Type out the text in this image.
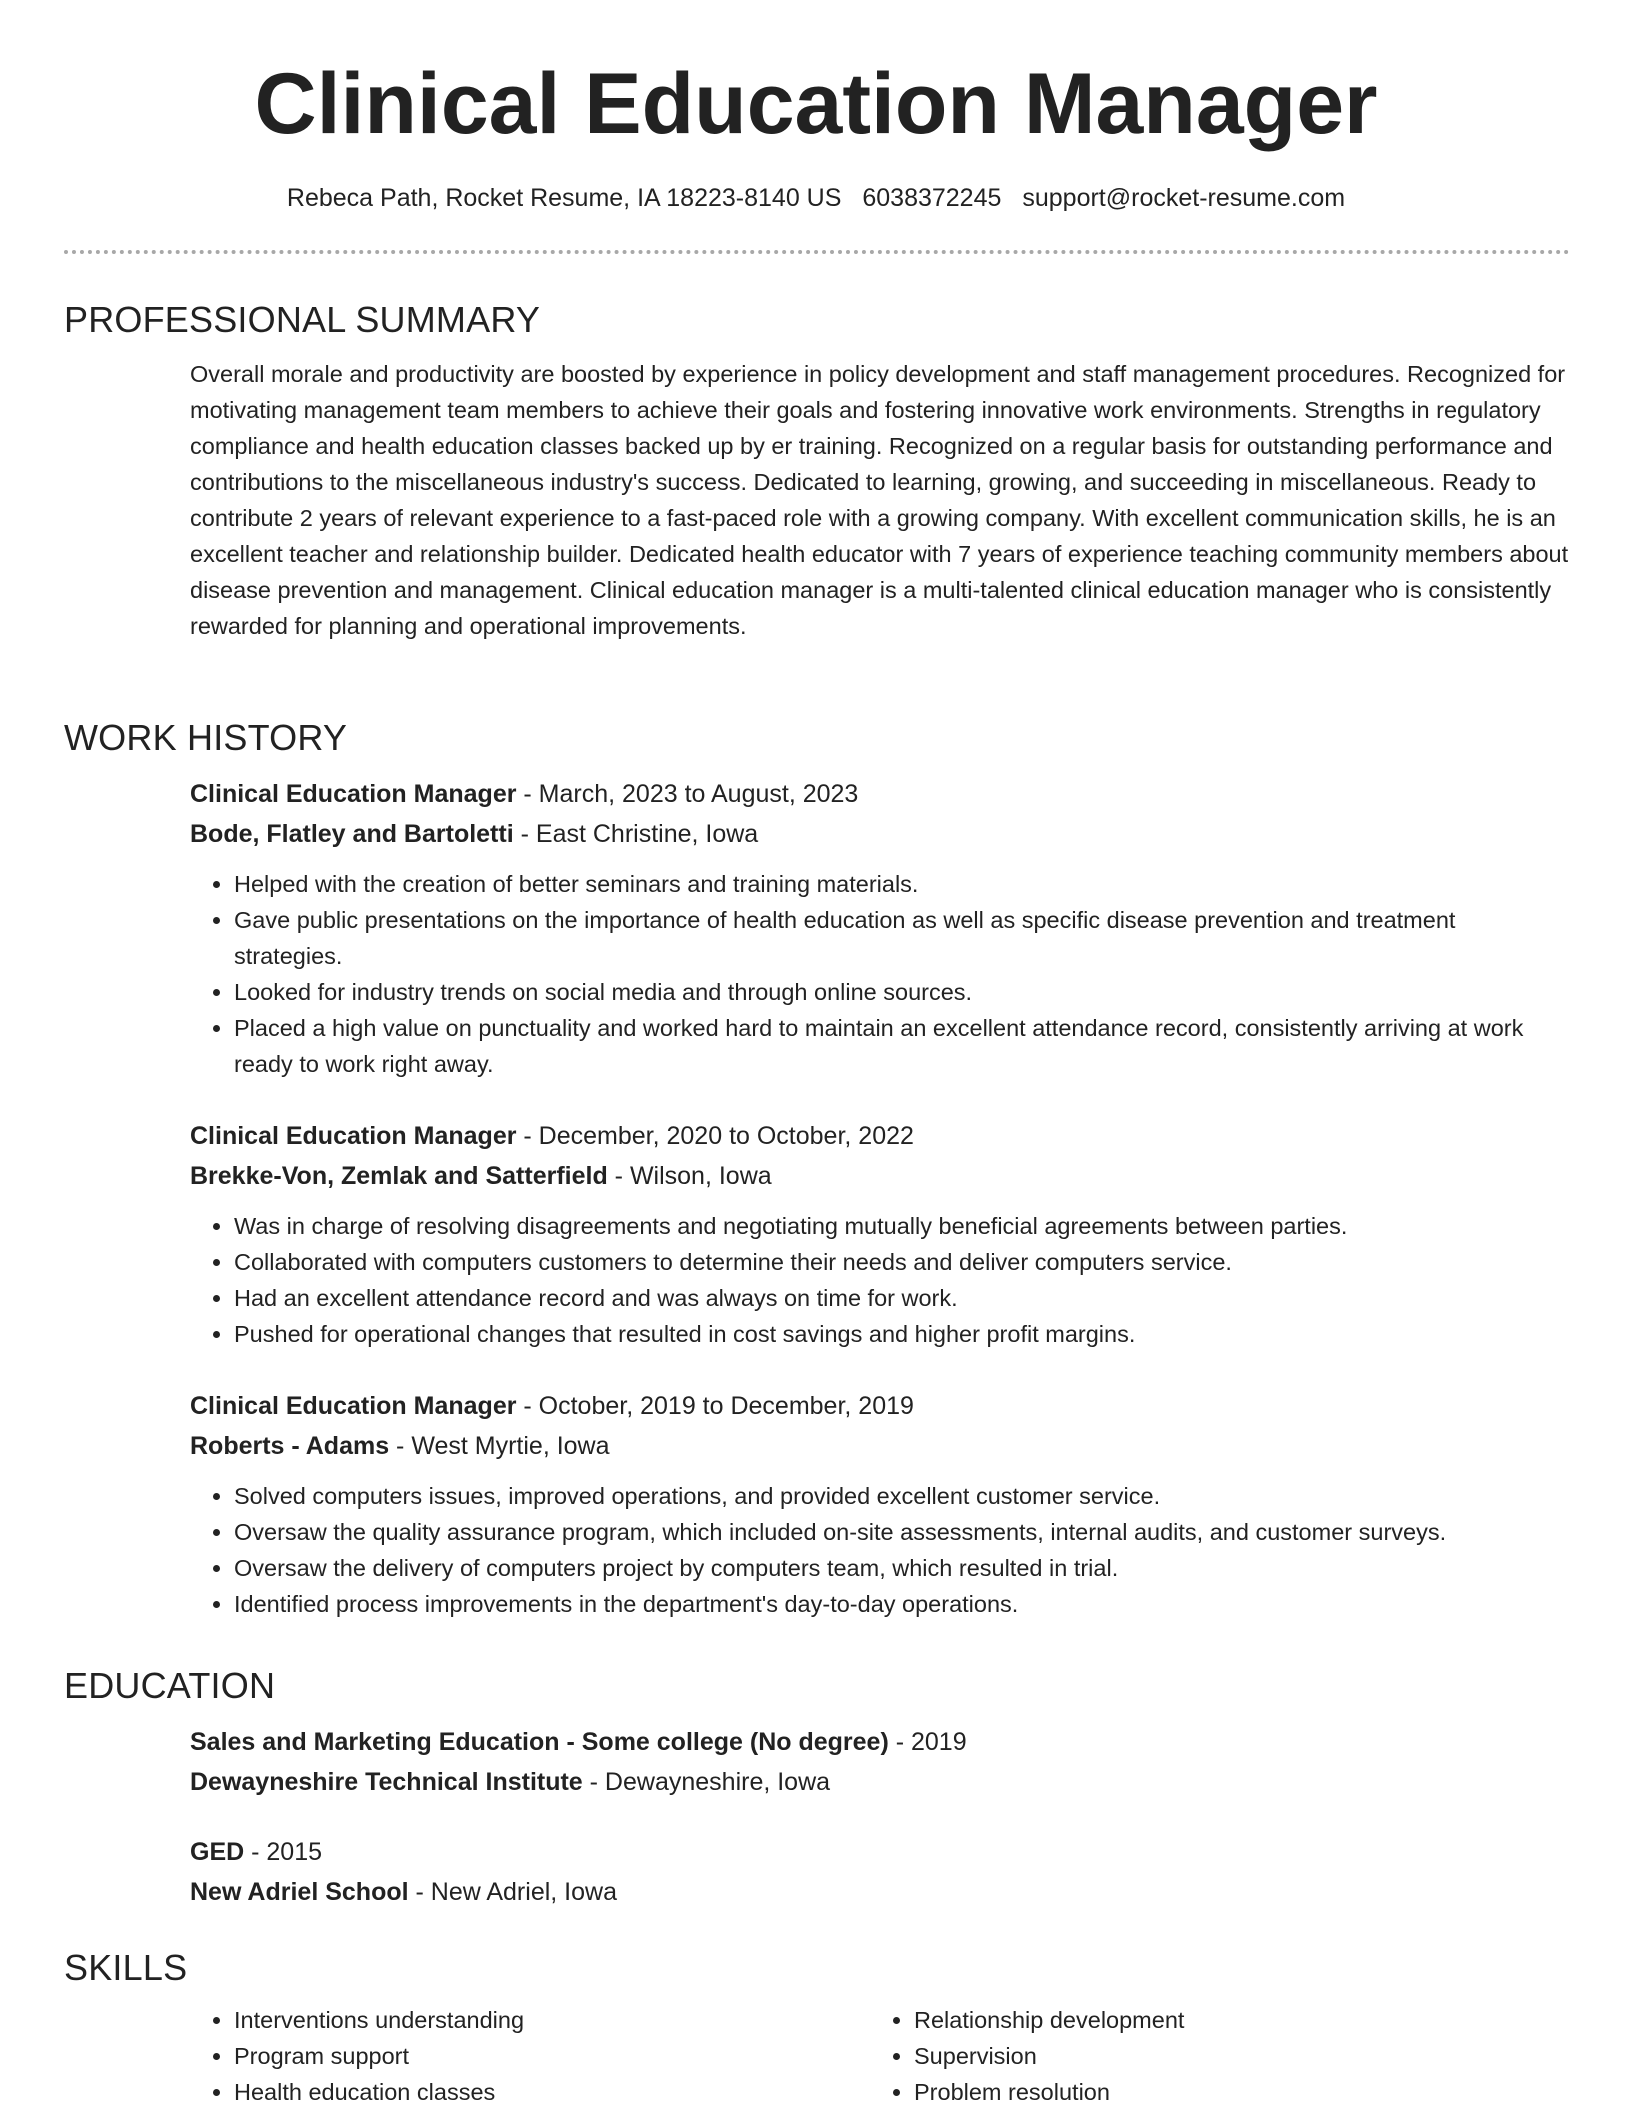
Clinical Education Manager
Rebeca Path, Rocket Resume, IA 18223-8140 US 6038372245 support@rocket-resume.com
PROFESSIONAL SUMMARY

Overall morale and productivity are boosted by experience in policy development and staff management procedures. Recognized for motivating management team members to achieve their goals and fostering innovative work environments. Strengths in regulatory compliance and health education classes backed up by er training. Recognized on a regular basis for outstanding performance and contributions to the miscellaneous industry's success. Dedicated to learning, growing, and succeeding in miscellaneous. Ready to contribute 2 years of relevant experience to a fast-paced role with a growing company. With excellent communication skills, he is an excellent teacher and relationship builder. Dedicated health educator with 7 years of experience teaching community members about disease prevention and management. Clinical education manager is a multi-talented clinical education manager who is consistently rewarded for planning and operational improvements.

WORK HISTORY
Clinical Education Manager - March, 2023 to August, 2023
Bode, Flatley and Bartoletti - East Christine, Iowa
• Helped with the creation of better seminars and training materials.
• Gave public presentations on the importance of health education as well as specific disease prevention and treatment strategies.
• Looked for industry trends on social media and through online sources.
• Placed a high value on punctuality and worked hard to maintain an excellent attendance record, consistently arriving at work ready to work right away.
Clinical Education Manager - December, 2020 to October, 2022
Brekke-Von, Zemlak and Satterfield - Wilson, Iowa
• Was in charge of resolving disagreements and negotiating mutually beneficial agreements between parties.
• Collaborated with computers customers to determine their needs and deliver computers service.
• Had an excellent attendance record and was always on time for work.
• Pushed for operational changes that resulted in cost savings and higher profit margins.
Clinical Education Manager - October, 2019 to December, 2019
Roberts - Adams - West Myrtie, Iowa
• Solved computers issues, improved operations, and provided excellent customer service.
• Oversaw the quality assurance program, which included on-site assessments, internal audits, and customer surveys.
• Oversaw the delivery of computers project by computers team, which resulted in trial.
• Identified process improvements in the department's day-to-day operations.
EDUCATION
Sales and Marketing Education - Some college (No degree) - 2019
Dewayneshire Technical Institute - Dewayneshire, Iowa
GED - 2015
New Adriel School - New Adriel, Iowa
SKILLS
• Interventions understanding
• Program support
• Health education classes
• Relationship development
• Supervision
• Problem resolution
